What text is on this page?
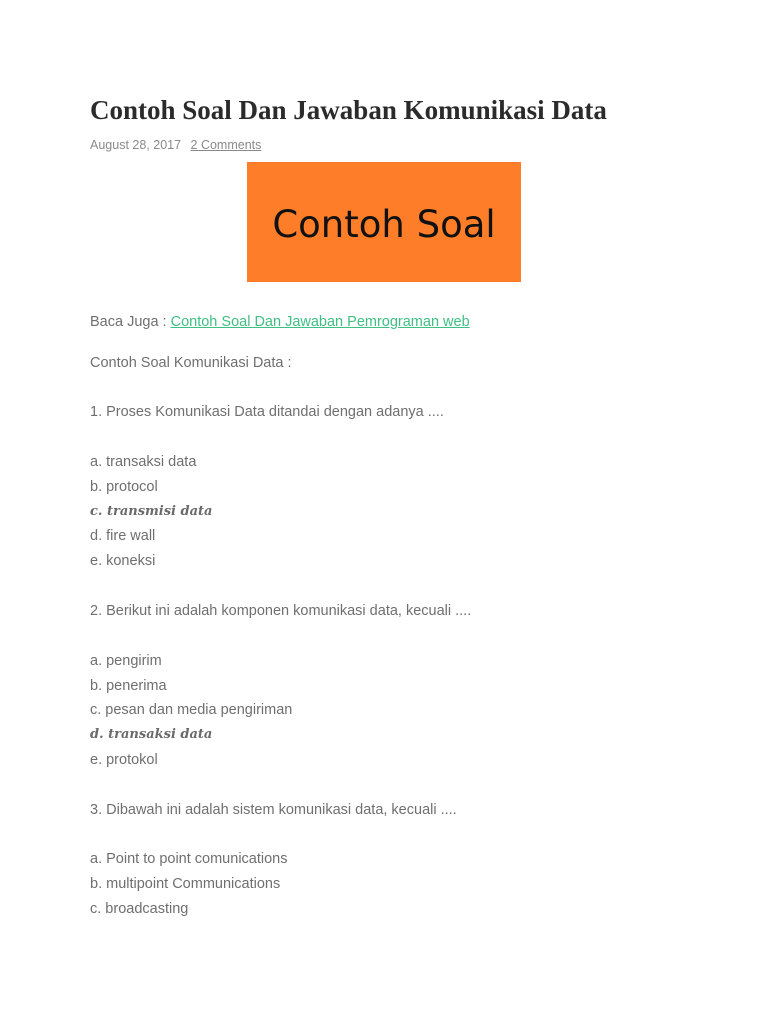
Contoh Soal Dan Jawaban Komunikasi Data
August 28, 2017 2 Comments
Contoh Soal
Baca Juga : Contoh Soal Dan Jawaban Pemrograman web
Contoh Soal Komunikasi Data :
1. Proses Komunikasi Data ditandai dengan adanya ....
a. transaksi data
b. protocol
c. transmisi data
d. fire wall
e. koneksi
2. Berikut ini adalah komponen komunikasi data, kecuali ....
a. pengirim
b. penerima
c. pesan dan media pengiriman
d. transaksi data
e. protokol
3. Dibawah ini adalah sistem komunikasi data, kecuali ....
a. Point to point comunications
b. multipoint Communications
c. broadcasting
